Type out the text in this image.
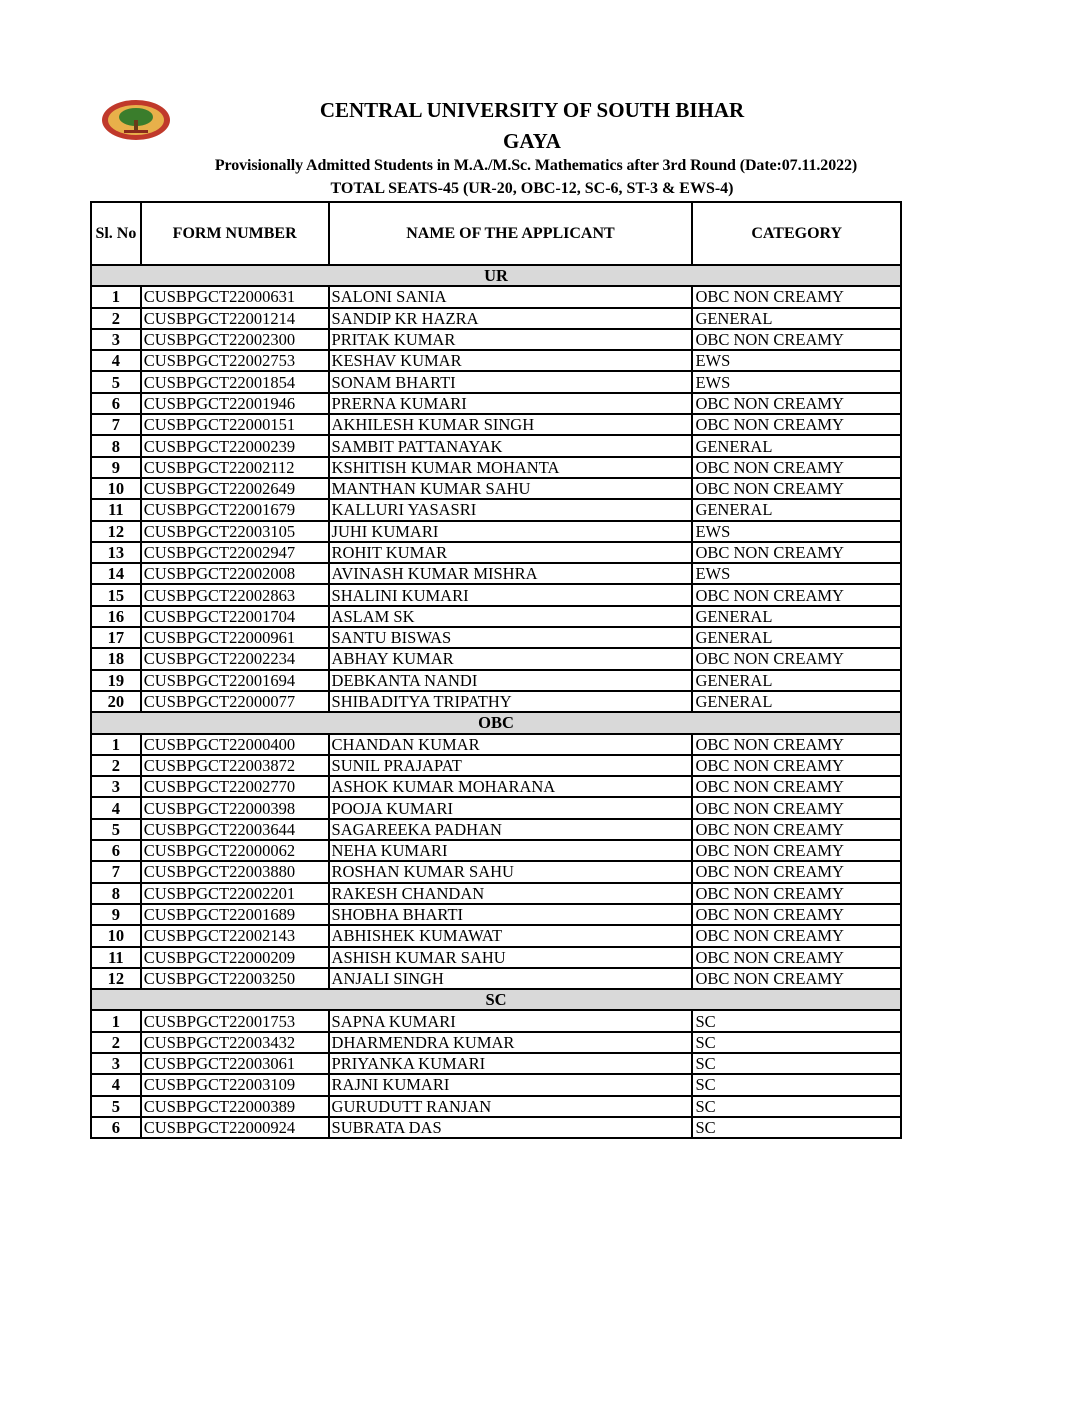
CENTRAL UNIVERSITY OF SOUTH BIHAR
GAYA
Provisionally Admitted Students in M.A./M.Sc. Mathematics after 3rd Round (Date:07.11.2022)
TOTAL SEATS-45 (UR-20, OBC-12, SC-6, ST-3 & EWS-4)
Sl. No	FORM NUMBER	NAME OF THE APPLICANT	CATEGORY
UR			
1	CUSBPGCT22000631	SALONI SANIA	OBC NON CREAMY
2	CUSBPGCT22001214	SANDIP KR HAZRA	GENERAL
3	CUSBPGCT22002300	PRITAK KUMAR	OBC NON CREAMY
4	CUSBPGCT22002753	KESHAV KUMAR	EWS
5	CUSBPGCT22001854	SONAM BHARTI	EWS
6	CUSBPGCT22001946	PRERNA KUMARI	OBC NON CREAMY
7	CUSBPGCT22000151	AKHILESH KUMAR SINGH	OBC NON CREAMY
8	CUSBPGCT22000239	SAMBIT PATTANAYAK	GENERAL
9	CUSBPGCT22002112	KSHITISH KUMAR MOHANTA	OBC NON CREAMY
10	CUSBPGCT22002649	MANTHAN KUMAR SAHU	OBC NON CREAMY
11	CUSBPGCT22001679	KALLURI YASASRI	GENERAL
12	CUSBPGCT22003105	JUHI KUMARI	EWS
13	CUSBPGCT22002947	ROHIT KUMAR	OBC NON CREAMY
14	CUSBPGCT22002008	AVINASH KUMAR MISHRA	EWS
15	CUSBPGCT22002863	SHALINI KUMARI	OBC NON CREAMY
16	CUSBPGCT22001704	ASLAM SK	GENERAL
17	CUSBPGCT22000961	SANTU BISWAS	GENERAL
18	CUSBPGCT22002234	ABHAY KUMAR	OBC NON CREAMY
19	CUSBPGCT22001694	DEBKANTA NANDI	GENERAL
20	CUSBPGCT22000077	SHIBADITYA TRIPATHY	GENERAL
OBC			
1	CUSBPGCT22000400	CHANDAN KUMAR	OBC NON CREAMY
2	CUSBPGCT22003872	SUNIL PRAJAPAT	OBC NON CREAMY
3	CUSBPGCT22002770	ASHOK KUMAR MOHARANA	OBC NON CREAMY
4	CUSBPGCT22000398	POOJA KUMARI	OBC NON CREAMY
5	CUSBPGCT22003644	SAGAREEKA PADHAN	OBC NON CREAMY
6	CUSBPGCT22000062	NEHA KUMARI	OBC NON CREAMY
7	CUSBPGCT22003880	ROSHAN KUMAR SAHU	OBC NON CREAMY
8	CUSBPGCT22002201	RAKESH CHANDAN	OBC NON CREAMY
9	CUSBPGCT22001689	SHOBHA BHARTI	OBC NON CREAMY
10	CUSBPGCT22002143	ABHISHEK KUMAWAT	OBC NON CREAMY
11	CUSBPGCT22000209	ASHISH KUMAR SAHU	OBC NON CREAMY
12	CUSBPGCT22003250	ANJALI SINGH	OBC NON CREAMY
SC			
1	CUSBPGCT22001753	SAPNA KUMARI	SC
2	CUSBPGCT22003432	DHARMENDRA KUMAR	SC
3	CUSBPGCT22003061	PRIYANKA KUMARI	SC
4	CUSBPGCT22003109	RAJNI KUMARI	SC
5	CUSBPGCT22000389	GURUDUTT RANJAN	SC
6	CUSBPGCT22000924	SUBRATA DAS	SC
